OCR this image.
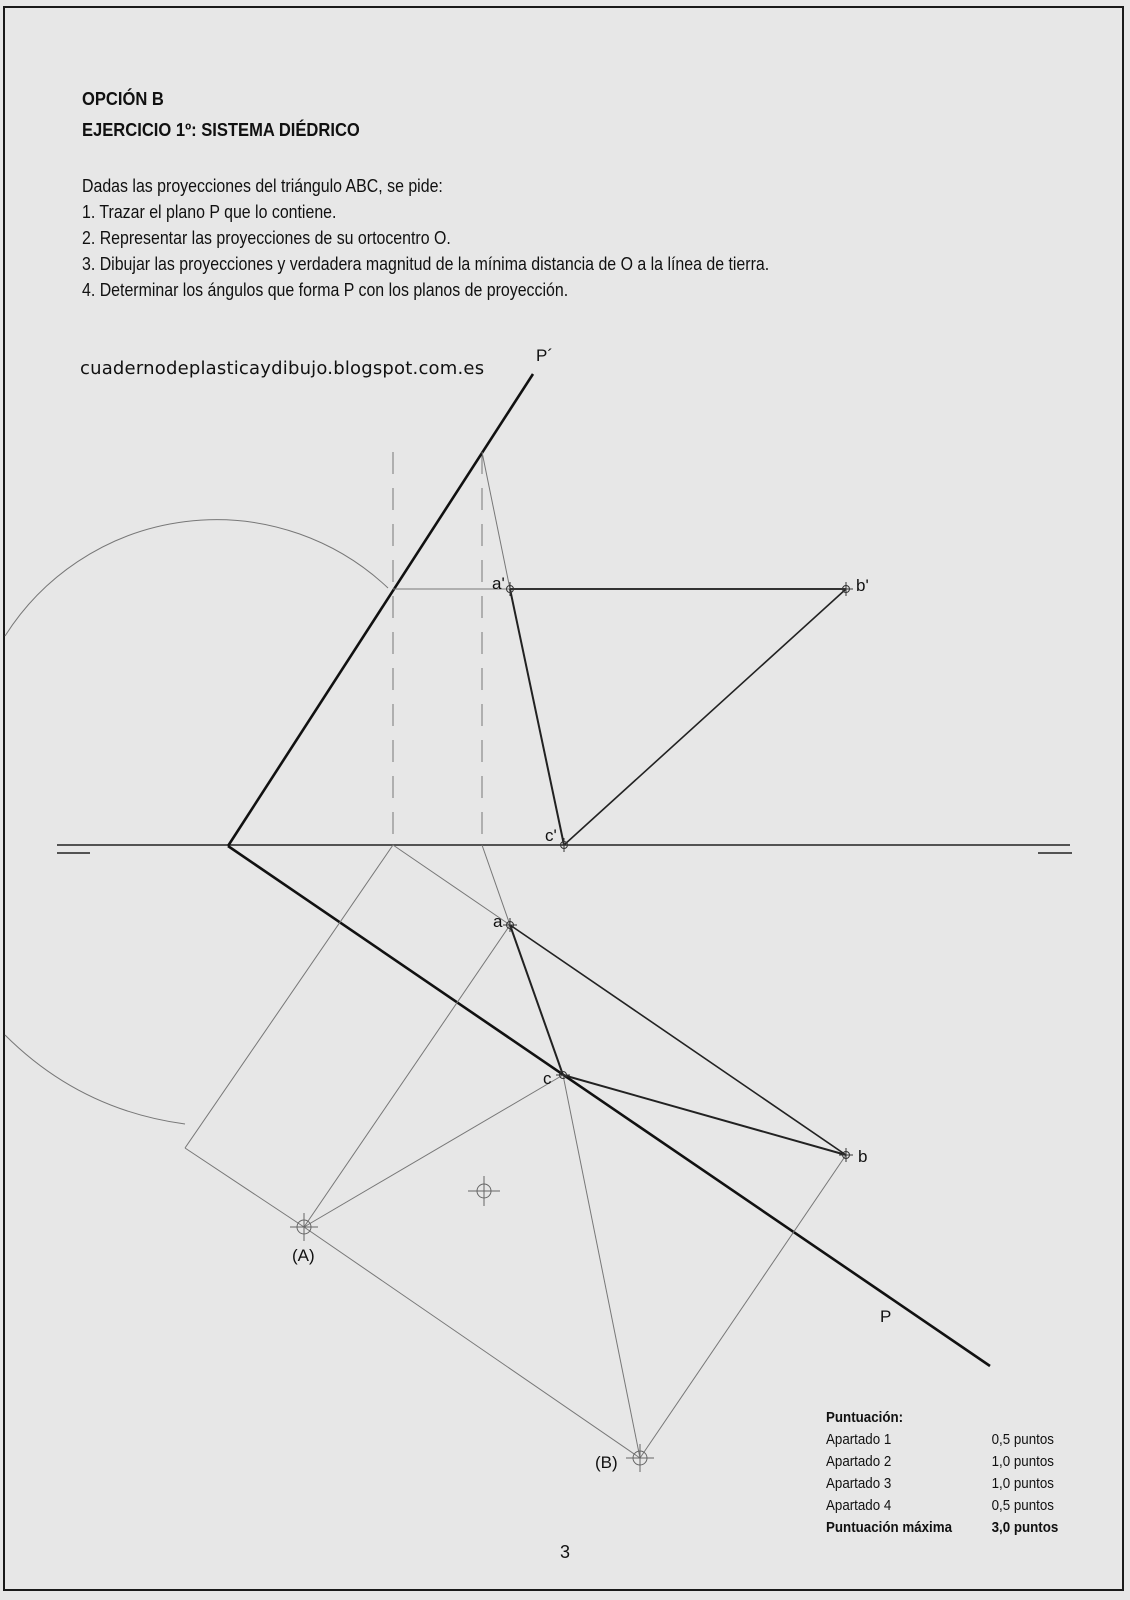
OPCIÓN B
EJERCICIO 1º: SISTEMA DIÉDRICO
Dadas las proyecciones del triángulo ABC, se pide:
1. Trazar el plano P que lo contiene.
2. Representar las proyecciones de su ortocentro O.
3. Dibujar las proyecciones y verdadera magnitud de la mínima distancia de O a la línea de tierra.
4. Determinar los ángulos que forma P con los planos de proyección.
cuadernodeplasticaydibujo.blogspot.com.es
P´
P
a'	b'
c'
a
b
c
(A)
(B)
Puntuación:
Apartado 1	0,5 puntos
Apartado 2	1,0 puntos
Apartado 3	1,0 puntos
Apartado 4	0,5 puntos
Puntuación máxima	3,0 puntos
3
